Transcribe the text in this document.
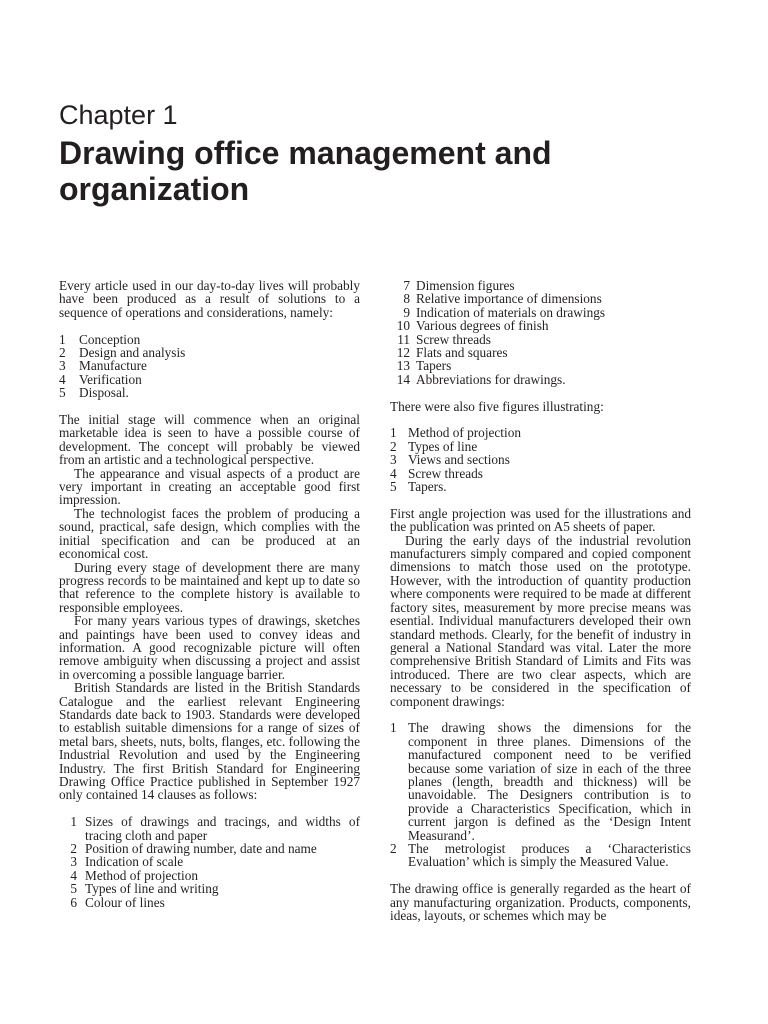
Chapter 1
Drawing office management and organization

Every article used in our day-to-day lives will probably have been produced as a result of solutions to a sequence of operations and considerations, namely:

1	Conception
2	Design and analysis
3	Manufacture
4	Verification
5	Disposal.

The initial stage will commence when an original marketable idea is seen to have a possible course of development. The concept will probably be viewed from an artistic and a technological perspective.

The appearance and visual aspects of a product are very important in creating an acceptable good first impression.

The technologist faces the problem of producing a sound, practical, safe design, which complies with the initial specification and can be produced at an economical cost.

During every stage of development there are many progress records to be maintained and kept up to date so that reference to the complete history is available to responsible employees.

For many years various types of drawings, sketches and paintings have been used to convey ideas and information. A good recognizable picture will often remove ambiguity when discussing a project and assist in overcoming a possible language barrier.

British Standards are listed in the British Standards Catalogue and the earliest relevant Engineering Standards date back to 1903. Standards were developed to establish suitable dimensions for a range of sizes of metal bars, sheets, nuts, bolts, flanges, etc. following the Industrial Revolution and used by the Engineering Industry. The first British Standard for Engineering Drawing Office Practice published in September 1927 only contained 14 clauses as follows:

1 Sizes of drawings and tracings, and widths of tracing cloth and paper
2 Position of drawing number, date and name
3 Indication of scale
4 Method of projection
5 Types of line and writing
6 Colour of lines
7 Dimension figures
8 Relative importance of dimensions
9 Indication of materials on drawings
10 Various degrees of finish
11 Screw threads
12 Flats and squares
13 Tapers
14 Abbreviations for drawings.

There were also five figures illustrating:

1 Method of projection
2 Types of line
3 Views and sections
4 Screw threads
5 Tapers.

First angle projection was used for the illustrations and the publication was printed on A5 sheets of paper.

During the early days of the industrial revolution manufacturers simply compared and copied component dimensions to match those used on the prototype. However, with the introduction of quantity production where components were required to be made at different factory sites, measurement by more precise means was esential. Individual manufacturers developed their own standard methods. Clearly, for the benefit of industry in general a National Standard was vital. Later the more comprehensive British Standard of Limits and Fits was introduced. There are two clear aspects, which are necessary to be considered in the specification of component drawings:

1 The drawing shows the dimensions for the component in three planes. Dimensions of the manufactured component need to be verified because some variation of size in each of the three planes (length, breadth and thickness) will be unavoidable. The Designers contribution is to provide a Characteristics Specification, which in current jargon is defined as the ‘Design Intent Measurand’.
2 The metrologist produces a ‘Characteristics Evaluation’ which is simply the Measured Value.

The drawing office is generally regarded as the heart of any manufacturing organization. Products, components, ideas, layouts, or schemes which may be
